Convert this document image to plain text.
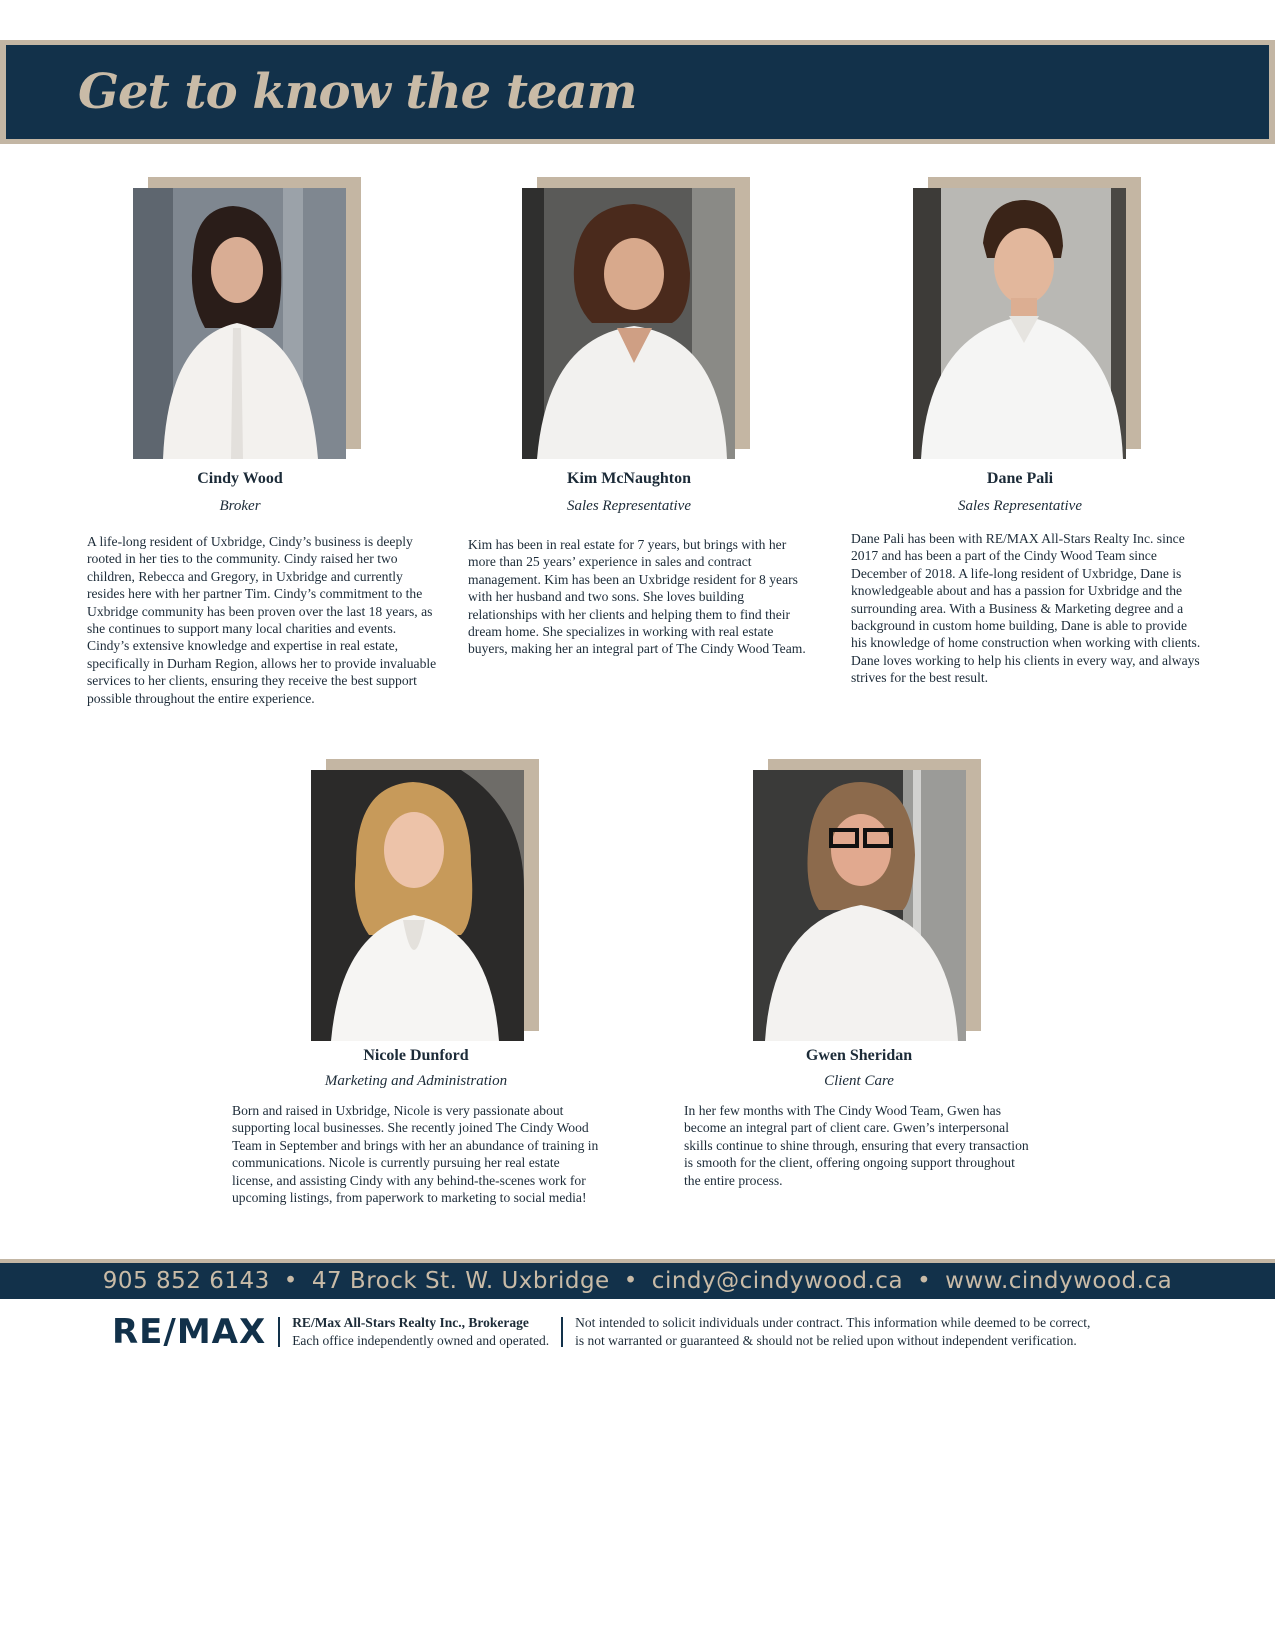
Get to know the team
Cindy Wood
Broker
A life-long resident of Uxbridge, Cindy’s business is deeply rooted in her ties to the community. Cindy raised her two children, Rebecca and Gregory, in Uxbridge and currently resides here with her partner Tim. Cindy’s commitment to the Uxbridge community has been proven over the last 18 years, as she continues to support many local charities and events. Cindy’s extensive knowledge and expertise in real estate, specifically in Durham Region, allows her to provide invaluable services to her clients, ensuring they receive the best support possible throughout the entire experience.
Kim McNaughton
Sales Representative
Kim has been in real estate for 7 years, but brings with her more than 25 years’ experience in sales and contract management. Kim has been an Uxbridge resident for 8 years with her husband and two sons. She loves building relationships with her clients and helping them to find their dream home. She specializes in working with real estate buyers, making her an integral part of The Cindy Wood Team.
Dane Pali
Sales Representative
Dane Pali has been with RE/MAX All-Stars Realty Inc. since 2017 and has been a part of the Cindy Wood Team since December of 2018. A life-long resident of Uxbridge, Dane is knowledgeable about and has a passion for Uxbridge and the surrounding area. With a Business & Marketing degree and a background in custom home building, Dane is able to provide his knowledge of home construction when working with clients. Dane loves working to help his clients in every way, and always strives for the best result.
Nicole Dunford
Marketing and Administration
Born and raised in Uxbridge, Nicole is very passionate about supporting local businesses. She recently joined The Cindy Wood Team in September and brings with her an abundance of training in communications. Nicole is currently pursuing her real estate license, and assisting Cindy with any behind-the-scenes work for upcoming listings, from paperwork to marketing to social media!
Gwen Sheridan
Client Care
In her few months with The Cindy Wood Team, Gwen has become an integral part of client care. Gwen’s interpersonal skills continue to shine through, ensuring that every transaction is smooth for the client, offering ongoing support throughout the entire process.
905 852 6143 • 47 Brock St. W. Uxbridge • cindy@cindywood.ca • www.cindywood.ca
RE/MAX RE/Max All-Stars Realty Inc., Brokerage
Each office independently owned and operated.
Not intended to solicit individuals under contract. This information while deemed to be correct,
is not warranted or guaranteed & should not be relied upon without independent verification.
